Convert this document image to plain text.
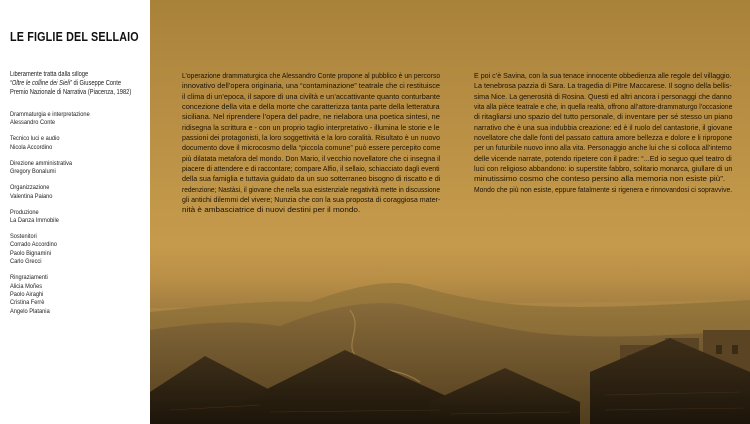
LE FIGLIE DEL SELLAIO
Liberamente tratta dalla silloge
“Oltre le colline dei Sieli” di Giuseppe Conte
Premio Nazionale di Narrativa (Piacenza, 1982)
Drammaturgia e interpretazione
Alessandro Conte
Tecnico luci e audio
Nicola Accordino
Direzione amministrativa
Gregory Bonalumi
Organizzazione
Valentina Paiano
Produzione
La Danza Immobile
Sostenitori
Corrado Accordino
Paolo Bignamini
Carlo Grecci
Ringraziamenti
Alicia Moñes
Paolo Airaghi
Cristina Ferrè
Angelo Platania
L’operazione drammaturgica che Alessandro Conte propone al pubblico è un percorso
innovativo dell’opera originaria, una “contaminazione” teatrale che ci restituisce
il clima di un’epoca, il sapore di una civiltà e un’accattivante quanto conturbante
concezione della vita e della morte che caratterizza tanta parte della letteratura
siciliana. Nel riprendere l’opera del padre, ne rielabora una poetica sintesi, ne
ridisegna la scrittura e - con un proprio taglio interpretativo - illumina le storie e le
passioni dei protagonisti, la loro soggettività e la loro coralità. Risultato è un nuovo
documento dove il microcosmo della “piccola comune” può essere percepito come
più dilatata metafora del mondo. Don Mario, il vecchio novellatore che ci insegna il
piacere di attendere e di raccontare; compare Alfio, il sellaio, schiacciato dagli eventi
della sua famiglia e tuttavia guidato da un suo sotterraneo bisogno di riscatto e di
redenzione; Nastàsi, il giovane che nella sua esistenziale negatività mette in discussione
gli antichi dilemmi del vivere; Nunzia che con la sua proposta di coraggiosa mater-
nità è ambasciatrice di nuovi destini per il mondo.
E poi c’è Savina, con la sua tenace innocente obbedienza alle regole del villaggio.
La tenebrosa pazzia di Sara. La tragedia di Pitre Maccarese. Il sogno della bellis-
sima Nice. La generosità di Rosina. Questi ed altri ancora i personaggi che danno
vita alla pièce teatrale e che, in quella realtà, offrono all’attore-drammaturgo l’occasione
di ritagliarsi uno spazio del tutto personale, di inventare per sé stesso un piano
narrativo che è una sua indubbia creazione: ed è il ruolo del cantastorie, il giovane
novellatore che dalle fonti del passato cattura amore bellezza e dolore e li ripropone
per un futuribile nuovo inno alla vita. Personaggio anche lui che si colloca all’interno
delle vicende narrate, potendo ripetere con il padre: “...Ed io seguo quel teatro di
luci con religioso abbandono: io superstite fabbro, solitario monarca, giullare di un
minutissimo cosmo che conteso persino alla memoria non esiste più”.
Mondo che più non esiste, eppure fatalmente si rigenera e rinnovandosi ci sopravvive.
